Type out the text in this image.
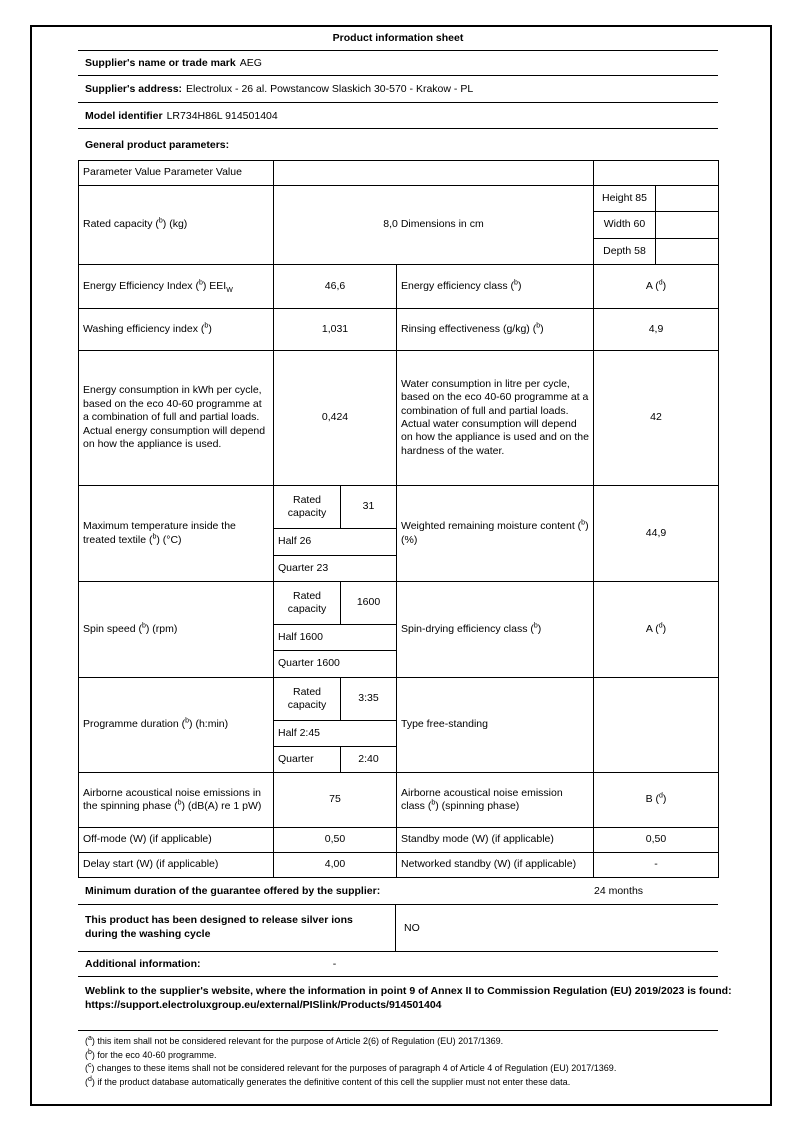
Product information sheet
Supplier's name or trade mark AEG
Supplier's address: Electrolux - 26 al. Powstancow Slaskich 30-570 - Krakow - PL
Model identifier LR734H86L 914501404
General product parameters:
Parameter Value Parameter Value					
Rated capacity ($^b$) (kg)	8,0 Dimensions in cm			Height 85	
				Width 60	
				Depth 58	
Energy Efficiency Index ($^b$) $EEI_W$	46,6		Energy efficiency class ($^b$)	A ($^d$)	
Washing efficiency index ($^b$)	1,031		Rinsing effectiveness (g/kg) ($^b$)	4,9	
Energy consumption in kWh per cycle, based on the eco 40-60 programme at a combination of full and partial loads. Actual energy consumption will depend on how the appliance is used.	0,424		Water consumption in litre per cycle, based on the eco 40-60 programme at a combination of full and partial loads. Actual water consumption will depend on how the appliance is used and on the hardness of the water.	42	
Maximum temperature inside the treated textile ($^b$) (°C)	Rated capacity	31	Weighted remaining moisture content ($^b$) (%)	44,9	
	Half 26				
	Quarter 23				
Spin speed ($^b$) (rpm)	Rated capacity	1600	Spin-drying efficiency class ($^b$)	A ($^d$)	
	Half 1600				
	Quarter 1600				
Programme duration ($^b$) (h:min)	Rated capacity	3:35	Type free-standing		
	Half 2:45				
	Quarter	2:40			
Airborne acoustical noise emissions in the spinning phase ($^b$) (dB(A) re 1 pW)	75		Airborne acoustical noise emission class ($^b$) (spinning phase)	B ($^d$)	
Off-mode (W) (if applicable)	0,50		Standby mode (W) (if applicable)	0,50	
Delay start (W) (if applicable)	4,00		Networked standby (W) (if applicable)	-	
Minimum duration of the guarantee offered by the supplier:	24 months
This product has been designed to release silver ions during the washing cycle	NO
Additional information:	-
Weblink to the supplier's website, where the information in point 9 of Annex II to Commission Regulation (EU) 2019/2023 is found: https://support.electroluxgroup.eu/external/PISlink/Products/914501404
($^a$) this item shall not be considered relevant for the purpose of Article 2(6) of Regulation (EU) 2017/1369.
($^b$) for the eco 40-60 programme.
($^c$) changes to these items shall not be considered relevant for the purposes of paragraph 4 of Article 4 of Regulation (EU) 2017/1369.
($^d$) if the product database automatically generates the definitive content of this cell the supplier must not enter these data.
